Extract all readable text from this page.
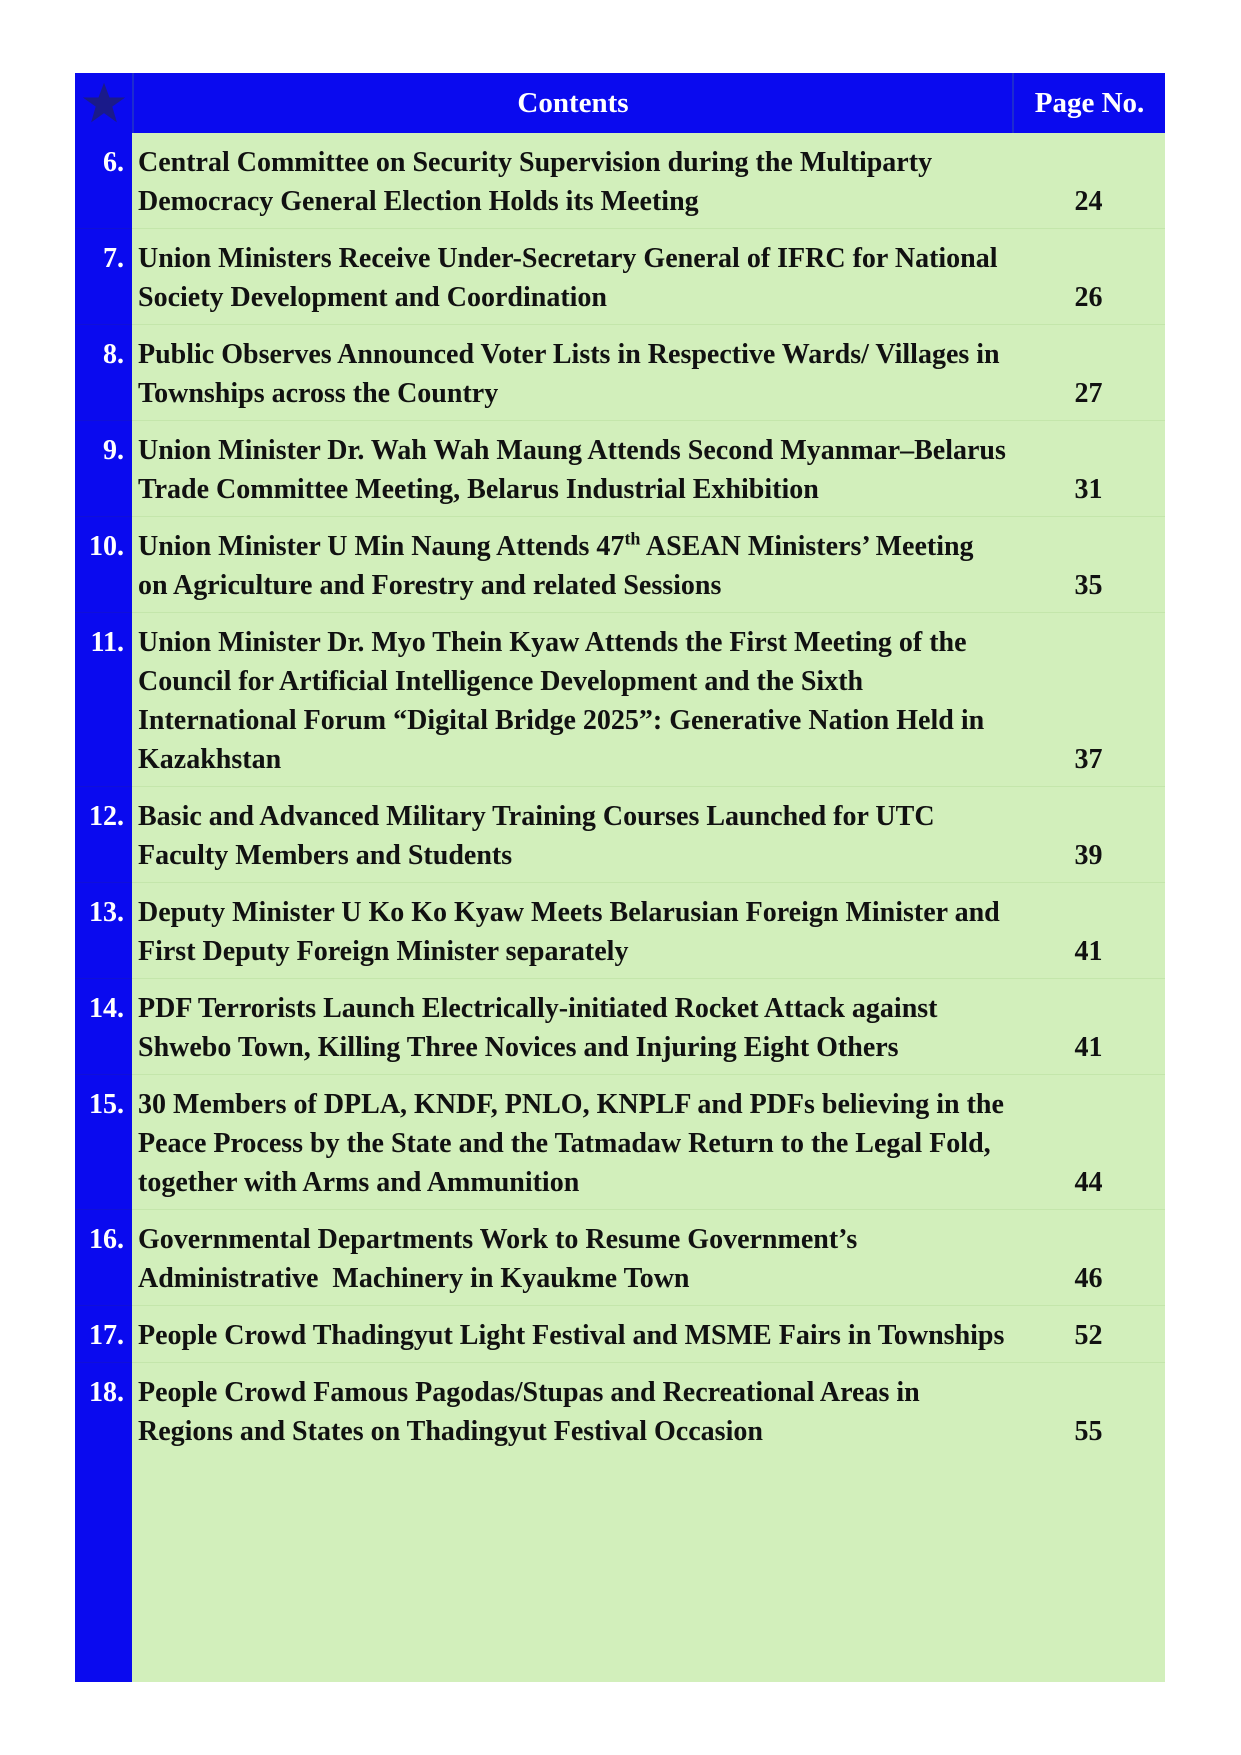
Contents	Page No.
6. Central Committee on Security Supervision during the Multiparty Democracy General Election Holds its Meeting	24
7. Union Ministers Receive Under-Secretary General of IFRC for National Society Development and Coordination	26
8. Public Observes Announced Voter Lists in Respective Wards/ Villages in Townships across the Country	27
9. Union Minister Dr. Wah Wah Maung Attends Second Myanmar–Belarus Trade Committee Meeting, Belarus Industrial Exhibition	31
10. Union Minister U Min Naung Attends 47th ASEAN Ministers’ Meeting on Agriculture and Forestry and related Sessions	35
11. Union Minister Dr. Myo Thein Kyaw Attends the First Meeting of the Council for Artificial Intelligence Development and the Sixth International Forum “Digital Bridge 2025”: Generative Nation Held in Kazakhstan	37
12. Basic and Advanced Military Training Courses Launched for UTC Faculty Members and Students	39
13. Deputy Minister U Ko Ko Kyaw Meets Belarusian Foreign Minister and First Deputy Foreign Minister separately	41
14. PDF Terrorists Launch Electrically-initiated Rocket Attack against Shwebo Town, Killing Three Novices and Injuring Eight Others	41
15. 30 Members of DPLA, KNDF, PNLO, KNPLF and PDFs believing in the Peace Process by the State and the Tatmadaw Return to the Legal Fold, together with Arms and Ammunition	44
16. Governmental Departments Work to Resume Government’s Administrative  Machinery in Kyaukme Town	46
17. People Crowd Thadingyut Light Festival and MSME Fairs in Townships	52
18. People Crowd Famous Pagodas/Stupas and Recreational Areas in Regions and States on Thadingyut Festival Occasion	55
